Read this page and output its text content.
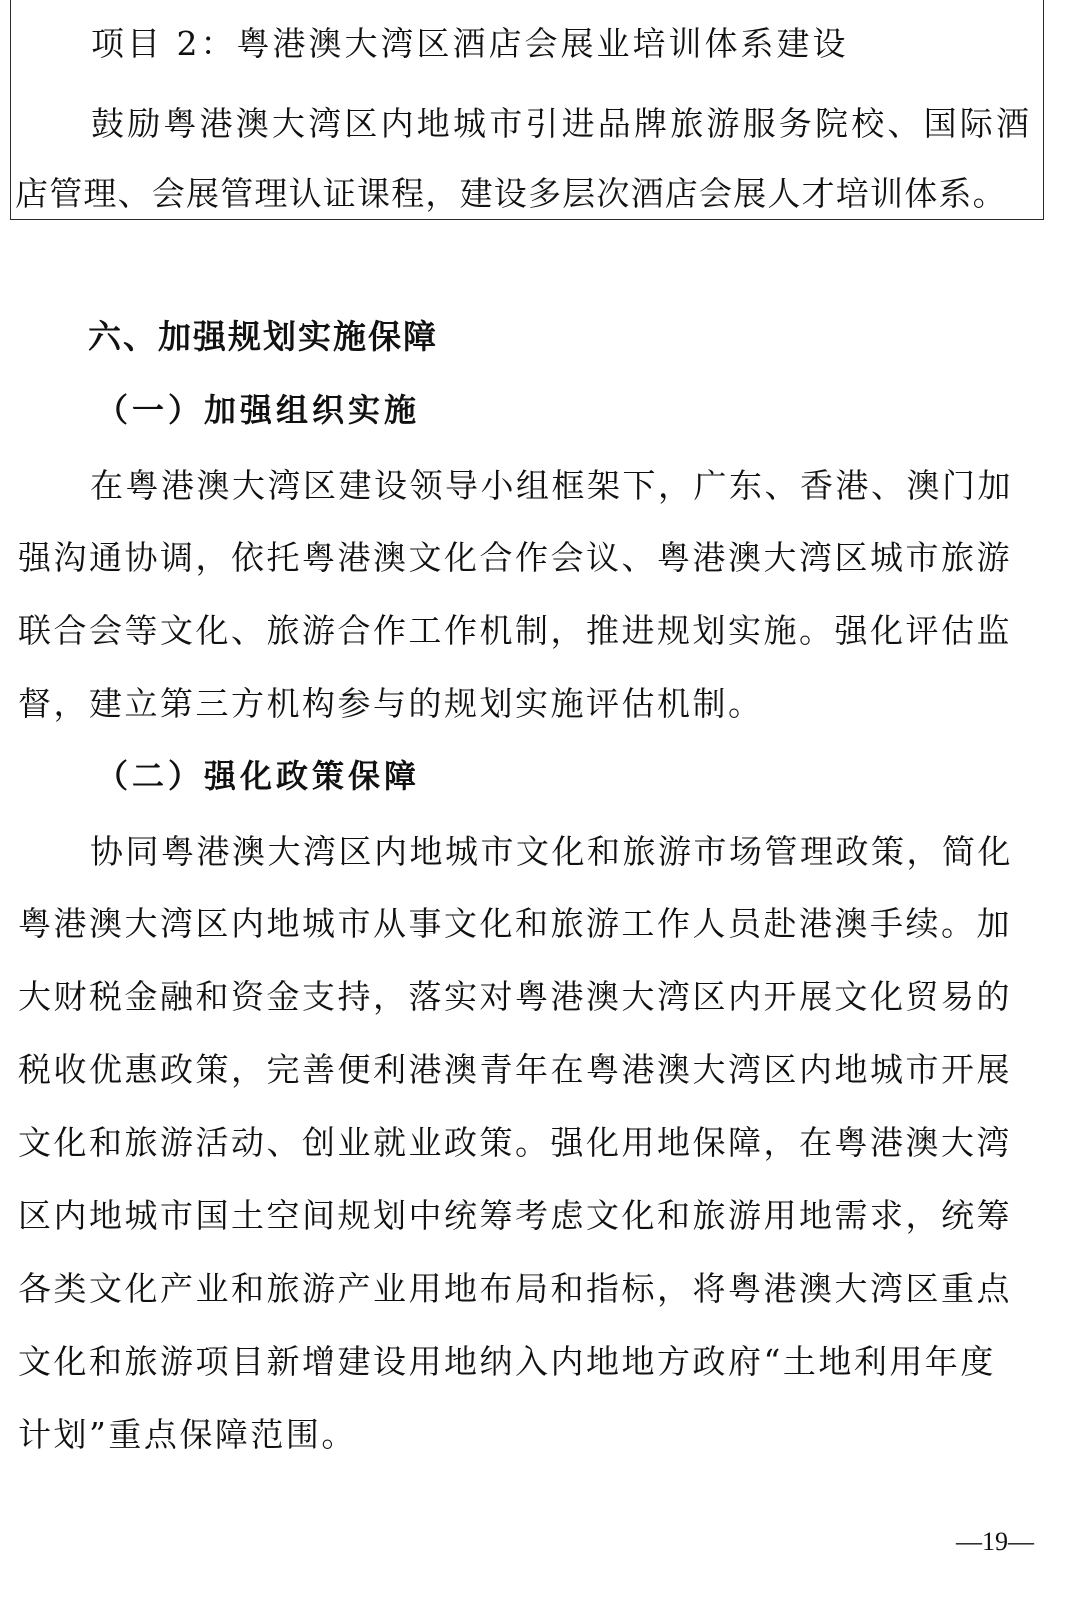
项目 2：粤港澳大湾区酒店会展业培训体系建设

鼓励粤港澳大湾区内地城市引进品牌旅游服务院校、国际酒

店管理、会展管理认证课程，建设多层次酒店会展人才培训体系。

六、加强规划实施保障
（一）加强组织实施

在粤港澳大湾区建设领导小组框架下，广东、香港、澳门加

强沟通协调，依托粤港澳文化合作会议、粤港澳大湾区城市旅游

联合会等文化、旅游合作工作机制，推进规划实施。强化评估监

督，建立第三方机构参与的规划实施评估机制。

（二）强化政策保障

协同粤港澳大湾区内地城市文化和旅游市场管理政策，简化

粤港澳大湾区内地城市从事文化和旅游工作人员赴港澳手续。加

大财税金融和资金支持，落实对粤港澳大湾区内开展文化贸易的

税收优惠政策，完善便利港澳青年在粤港澳大湾区内地城市开展

文化和旅游活动、创业就业政策。强化用地保障，在粤港澳大湾

区内地城市国土空间规划中统筹考虑文化和旅游用地需求，统筹

各类文化产业和旅游产业用地布局和指标，将粤港澳大湾区重点

文化和旅游项目新增建设用地纳入内地地方政府“土地利用年度

计划”重点保障范围。

—19—
